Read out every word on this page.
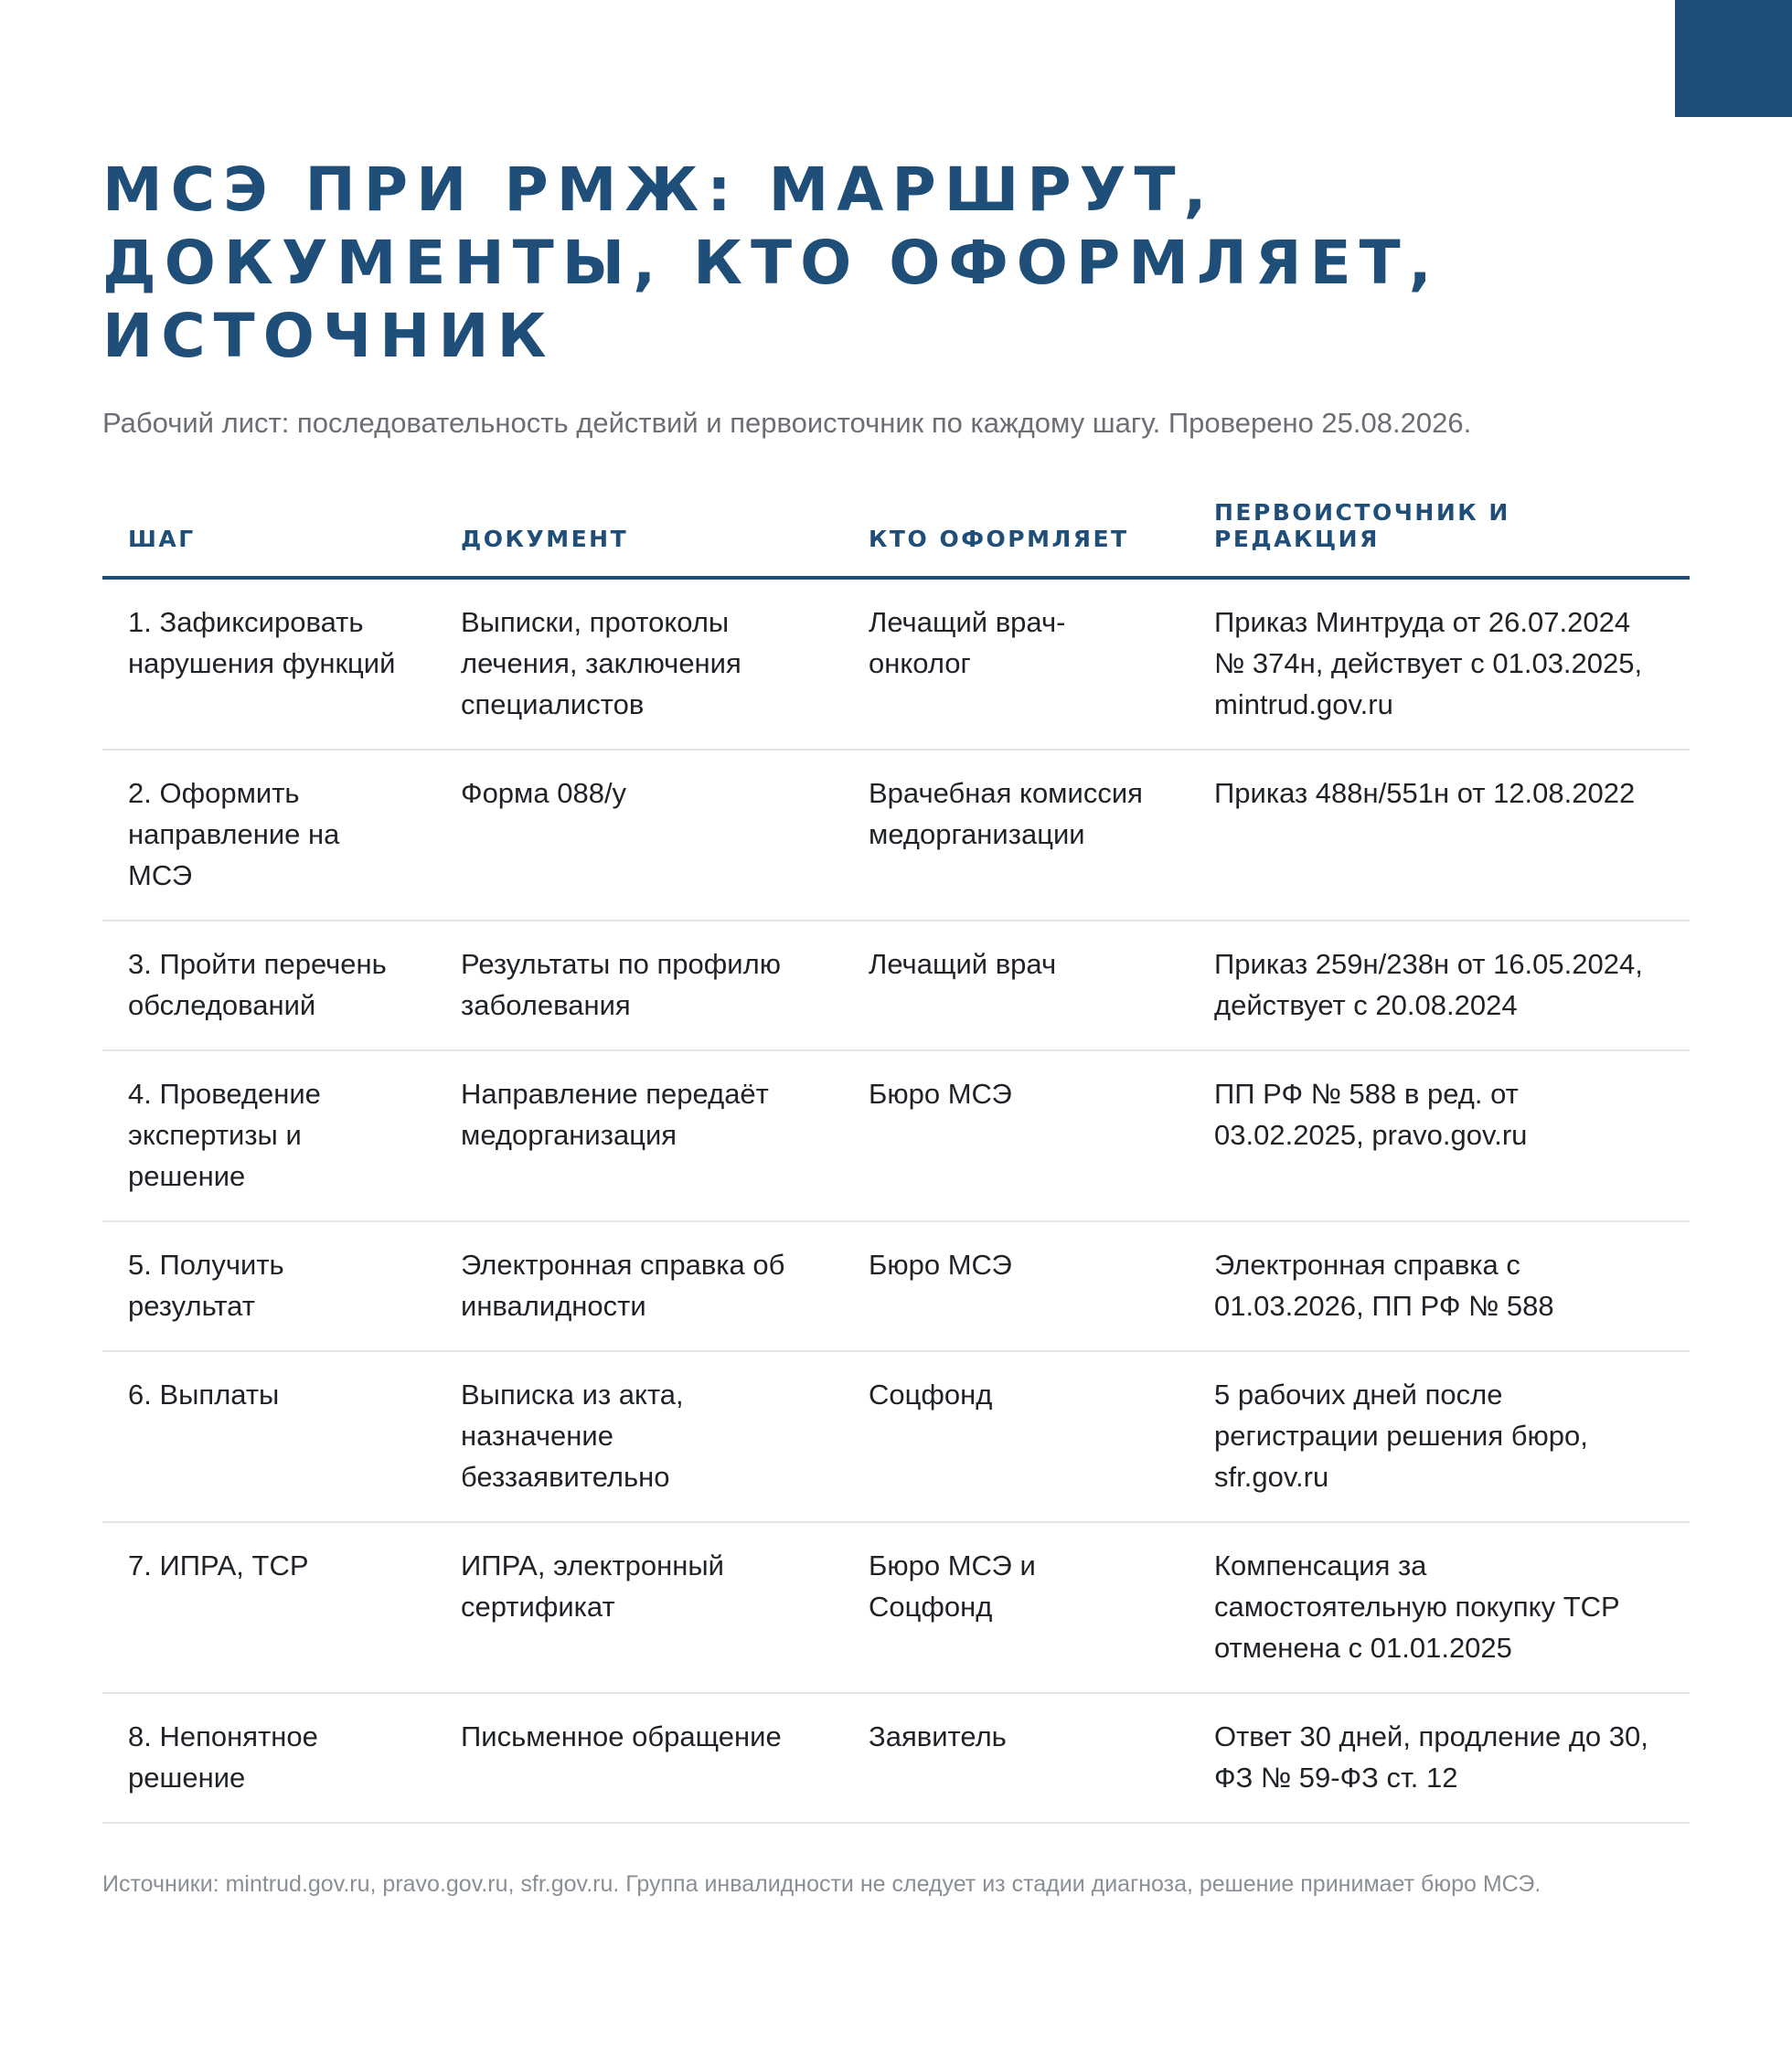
МСЭ ПРИ РМЖ: МАРШРУТ, ДОКУМЕНТЫ, КТО ОФОРМЛЯЕТ, ИСТОЧНИК

Рабочий лист: последовательность действий и первоисточник по каждому шагу. Проверено 25.08.2026.

ШАГ	ДОКУМЕНТ	КТО ОФОРМЛЯЕТ	ПЕРВОИСТОЧНИК И РЕДАКЦИЯ
1. Зафиксировать нарушения функций	Выписки, протоколы лечения, заключения специалистов	Лечащий врач-онколог	Приказ Минтруда от 26.07.2024 № 374н, действует с 01.03.2025, mintrud.gov.ru
2. Оформить направление на МСЭ	Форма 088/у	Врачебная комиссия медорганизации	Приказ 488н/551н от 12.08.2022
3. Пройти перечень обследований	Результаты по профилю заболевания	Лечащий врач	Приказ 259н/238н от 16.05.2024, действует с 20.08.2024
4. Проведение экспертизы и решение	Направление передаёт медорганизация	Бюро МСЭ	ПП РФ № 588 в ред. от 03.02.2025, pravo.gov.ru
5. Получить результат	Электронная справка об инвалидности	Бюро МСЭ	Электронная справка с 01.03.2026, ПП РФ № 588
6. Выплаты	Выписка из акта, назначение беззаявительно	Соцфонд	5 рабочих дней после регистрации решения бюро, sfr.gov.ru
7. ИПРА, ТСР	ИПРА, электронный сертификат	Бюро МСЭ и Соцфонд	Компенсация за самостоятельную покупку ТСР отменена с 01.01.2025
8. Непонятное решение	Письменное обращение	Заявитель	Ответ 30 дней, продление до 30, ФЗ № 59-ФЗ ст. 12

Источники: mintrud.gov.ru, pravo.gov.ru, sfr.gov.ru. Группа инвалидности не следует из стадии диагноза, решение принимает бюро МСЭ.
